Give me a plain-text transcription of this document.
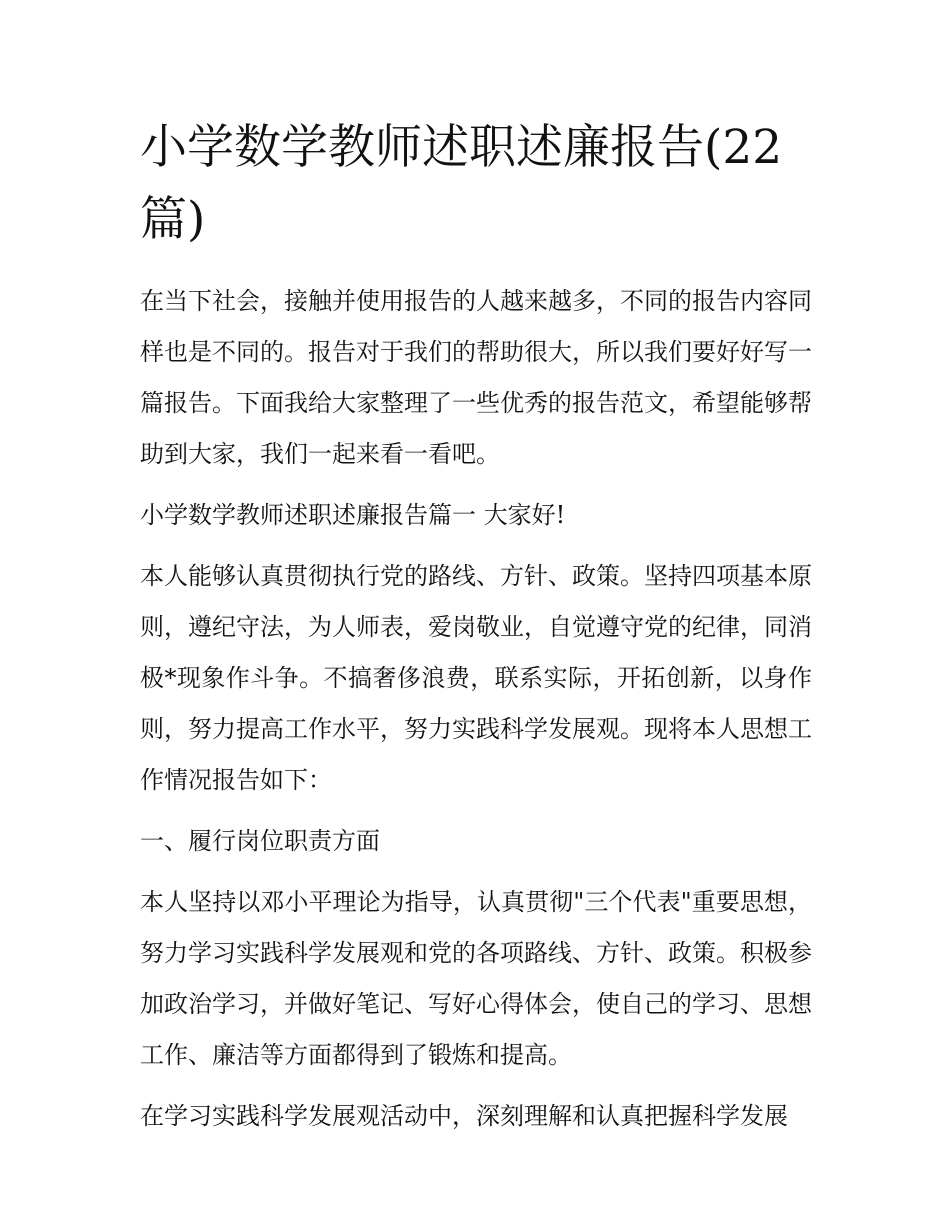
小学数学教师述职述廉报告(22篇)

在当下社会，接触并使用报告的人越来越多，不同的报告内容同样也是不同的。报告对于我们的帮助很大，所以我们要好好写一篇报告。下面我给大家整理了一些优秀的报告范文，希望能够帮助到大家，我们一起来看一看吧。

小学数学教师述职述廉报告篇一 大家好!

本人能够认真贯彻执行党的路线、方针、政策。坚持四项基本原则，遵纪守法，为人师表，爱岗敬业，自觉遵守党的纪律，同消极*现象作斗争。不搞奢侈浪费，联系实际，开拓创新，以身作则，努力提高工作水平，努力实践科学发展观。现将本人思想工作情况报告如下：

一、履行岗位职责方面

本人坚持以邓小平理论为指导，认真贯彻"三个代表"重要思想，努力学习实践科学发展观和党的各项路线、方针、政策。积极参加政治学习，并做好笔记、写好心得体会，使自己的学习、思想工作、廉洁等方面都得到了锻炼和提高。

在学习实践科学发展观活动中，深刻理解和认真把握科学发展
